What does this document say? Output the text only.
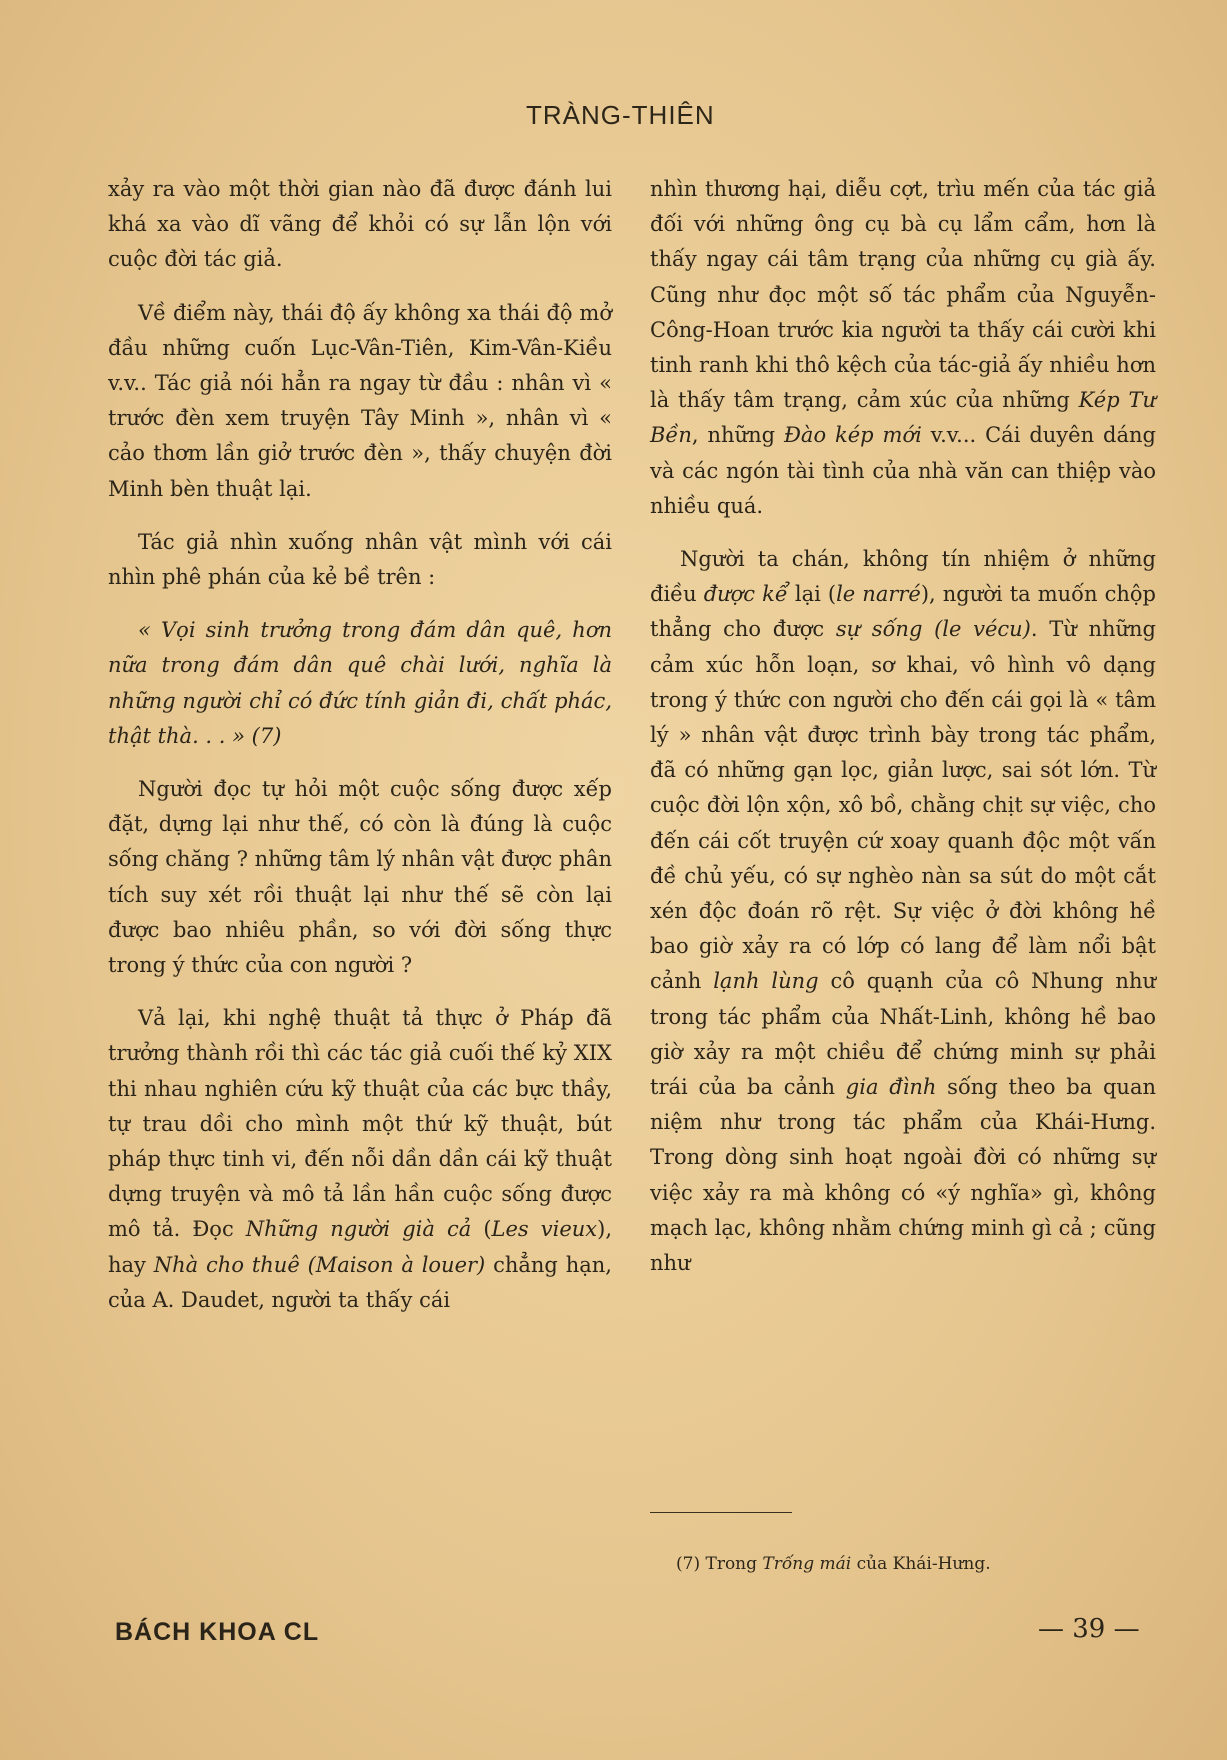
TRÀNG-THIÊN

xảy ra vào một thời gian nào đã được đánh lui khá xa vào dĩ vãng để khỏi có sự lẫn lộn với cuộc đời tác giả.

Về điểm này, thái độ ấy không xa thái độ mở đầu những cuốn Lục-Vân-Tiên, Kim-Vân-Kiều v.v.. Tác giả nói hẳn ra ngay từ đầu : nhân vì « trước đèn xem truyện Tây Minh », nhân vì « cảo thơm lần giở trước đèn », thấy chuyện đời Minh bèn thuật lại.

Tác giả nhìn xuống nhân vật mình với cái nhìn phê phán của kẻ bề trên :

« Vọi sinh trưởng trong đám dân quê, hơn nữa trong đám dân quê chài lưới, nghĩa là những người chỉ có đức tính giản đi, chất phác, thật thà. . . » (7)

Người đọc tự hỏi một cuộc sống được xếp đặt, dựng lại như thế, có còn là đúng là cuộc sống chăng ? những tâm lý nhân vật được phân tích suy xét rồi thuật lại như thế sẽ còn lại được bao nhiêu phần, so với đời sống thực trong ý thức của con người ?

Vả lại, khi nghệ thuật tả thực ở Pháp đã trưởng thành rồi thì các tác giả cuối thế kỷ XIX thi nhau nghiên cứu kỹ thuật của các bực thầy, tự trau dồi cho mình một thứ kỹ thuật, bút pháp thực tinh vi, đến nỗi dần dần cái kỹ thuật dựng truyện và mô tả lần hần cuộc sống được mô tả. Đọc Những người già cả (Les vieux), hay Nhà cho thuê (Maison à louer) chẳng hạn, của A. Daudet, người ta thấy cái

nhìn thương hại, diễu cợt, trìu mến của tác giả đối với những ông cụ bà cụ lẩm cẩm, hơn là thấy ngay cái tâm trạng của những cụ già ấy. Cũng như đọc một số tác phẩm của Nguyễn-Công-Hoan trước kia người ta thấy cái cười khi tinh ranh khi thô kệch của tác-giả ấy nhiều hơn là thấy tâm trạng, cảm xúc của những Kép Tư Bền, những Đào kép mới v.v... Cái duyên dáng và các ngón tài tình của nhà văn can thiệp vào nhiều quá.

Người ta chán, không tín nhiệm ở những điều được kể lại (le narré), người ta muốn chộp thẳng cho được sự sống (le vécu). Từ những cảm xúc hỗn loạn, sơ khai, vô hình vô dạng trong ý thức con người cho đến cái gọi là « tâm lý » nhân vật được trình bày trong tác phẩm, đã có những gạn lọc, giản lược, sai sót lớn. Từ cuộc đời lộn xộn, xô bồ, chằng chịt sự việc, cho đến cái cốt truyện cứ xoay quanh độc một vấn đề chủ yếu, có sự nghèo nàn sa sút do một cắt xén độc đoán rõ rệt. Sự việc ở đời không hề bao giờ xảy ra có lớp có lang để làm nổi bật cảnh lạnh lùng cô quạnh của cô Nhung như trong tác phẩm của Nhất-Linh, không hề bao giờ xảy ra một chiều để chứng minh sự phải trái của ba cảnh gia đình sống theo ba quan niệm như trong tác phẩm của Khái-Hưng. Trong dòng sinh hoạt ngoài đời có những sự việc xảy ra mà không có «ý nghĩa» gì, không mạch lạc, không nhằm chứng minh gì cả ; cũng như

(7) Trong Trống mái của Khái-Hưng.
BÁCH KHOA CL	— 39 —
